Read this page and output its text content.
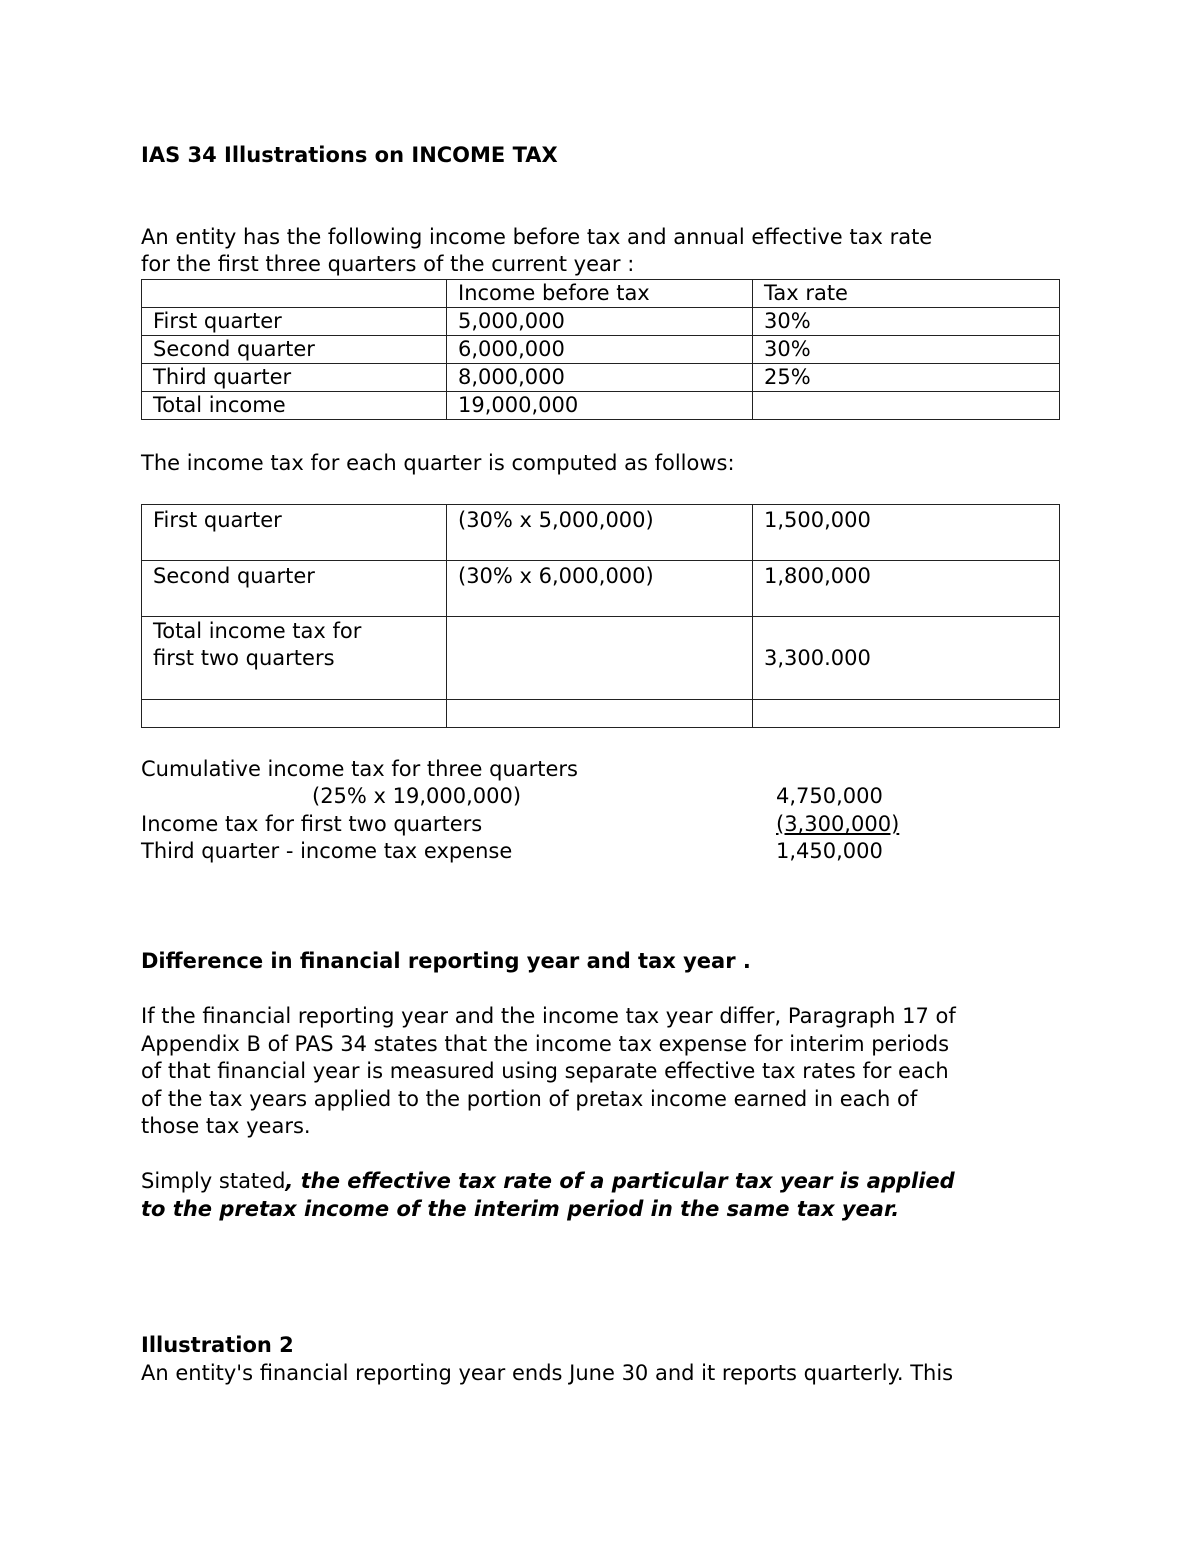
IAS 34 Illustrations on INCOME TAX
An entity has the following income before tax and annual effective tax rate
for the first three quarters of the current year :
	Income before tax	Tax rate
First quarter	5,000,000	30%
Second quarter	6,000,000	30%
Third quarter	8,000,000	25%
Total income	19,000,000	
The income tax for each quarter is computed as follows:
First quarter	(30% x 5,000,000)	1,500,000
Second quarter	(30% x 6,000,000)	1,800,000

Total income tax for
first two quarters		3,300.000

Cumulative income tax for three quarters
(25% x 19,000,000)	4,750,000
Income tax for first two quarters	(3,300,000)
Third quarter - income tax expense	1,450,000
Difference in financial reporting year and tax year .
If the financial reporting year and the income tax year differ, Paragraph 17 of
Appendix B of PAS 34 states that the income tax expense for interim periods
of that financial year is measured using separate effective tax rates for each
of the tax years applied to the portion of pretax income earned in each of
those tax years.
Simply stated, the effective tax rate of a particular tax year is applied
to the pretax income of the interim period in the same tax year.
Illustration 2
An entity's financial reporting year ends June 30 and it reports quarterly. This
